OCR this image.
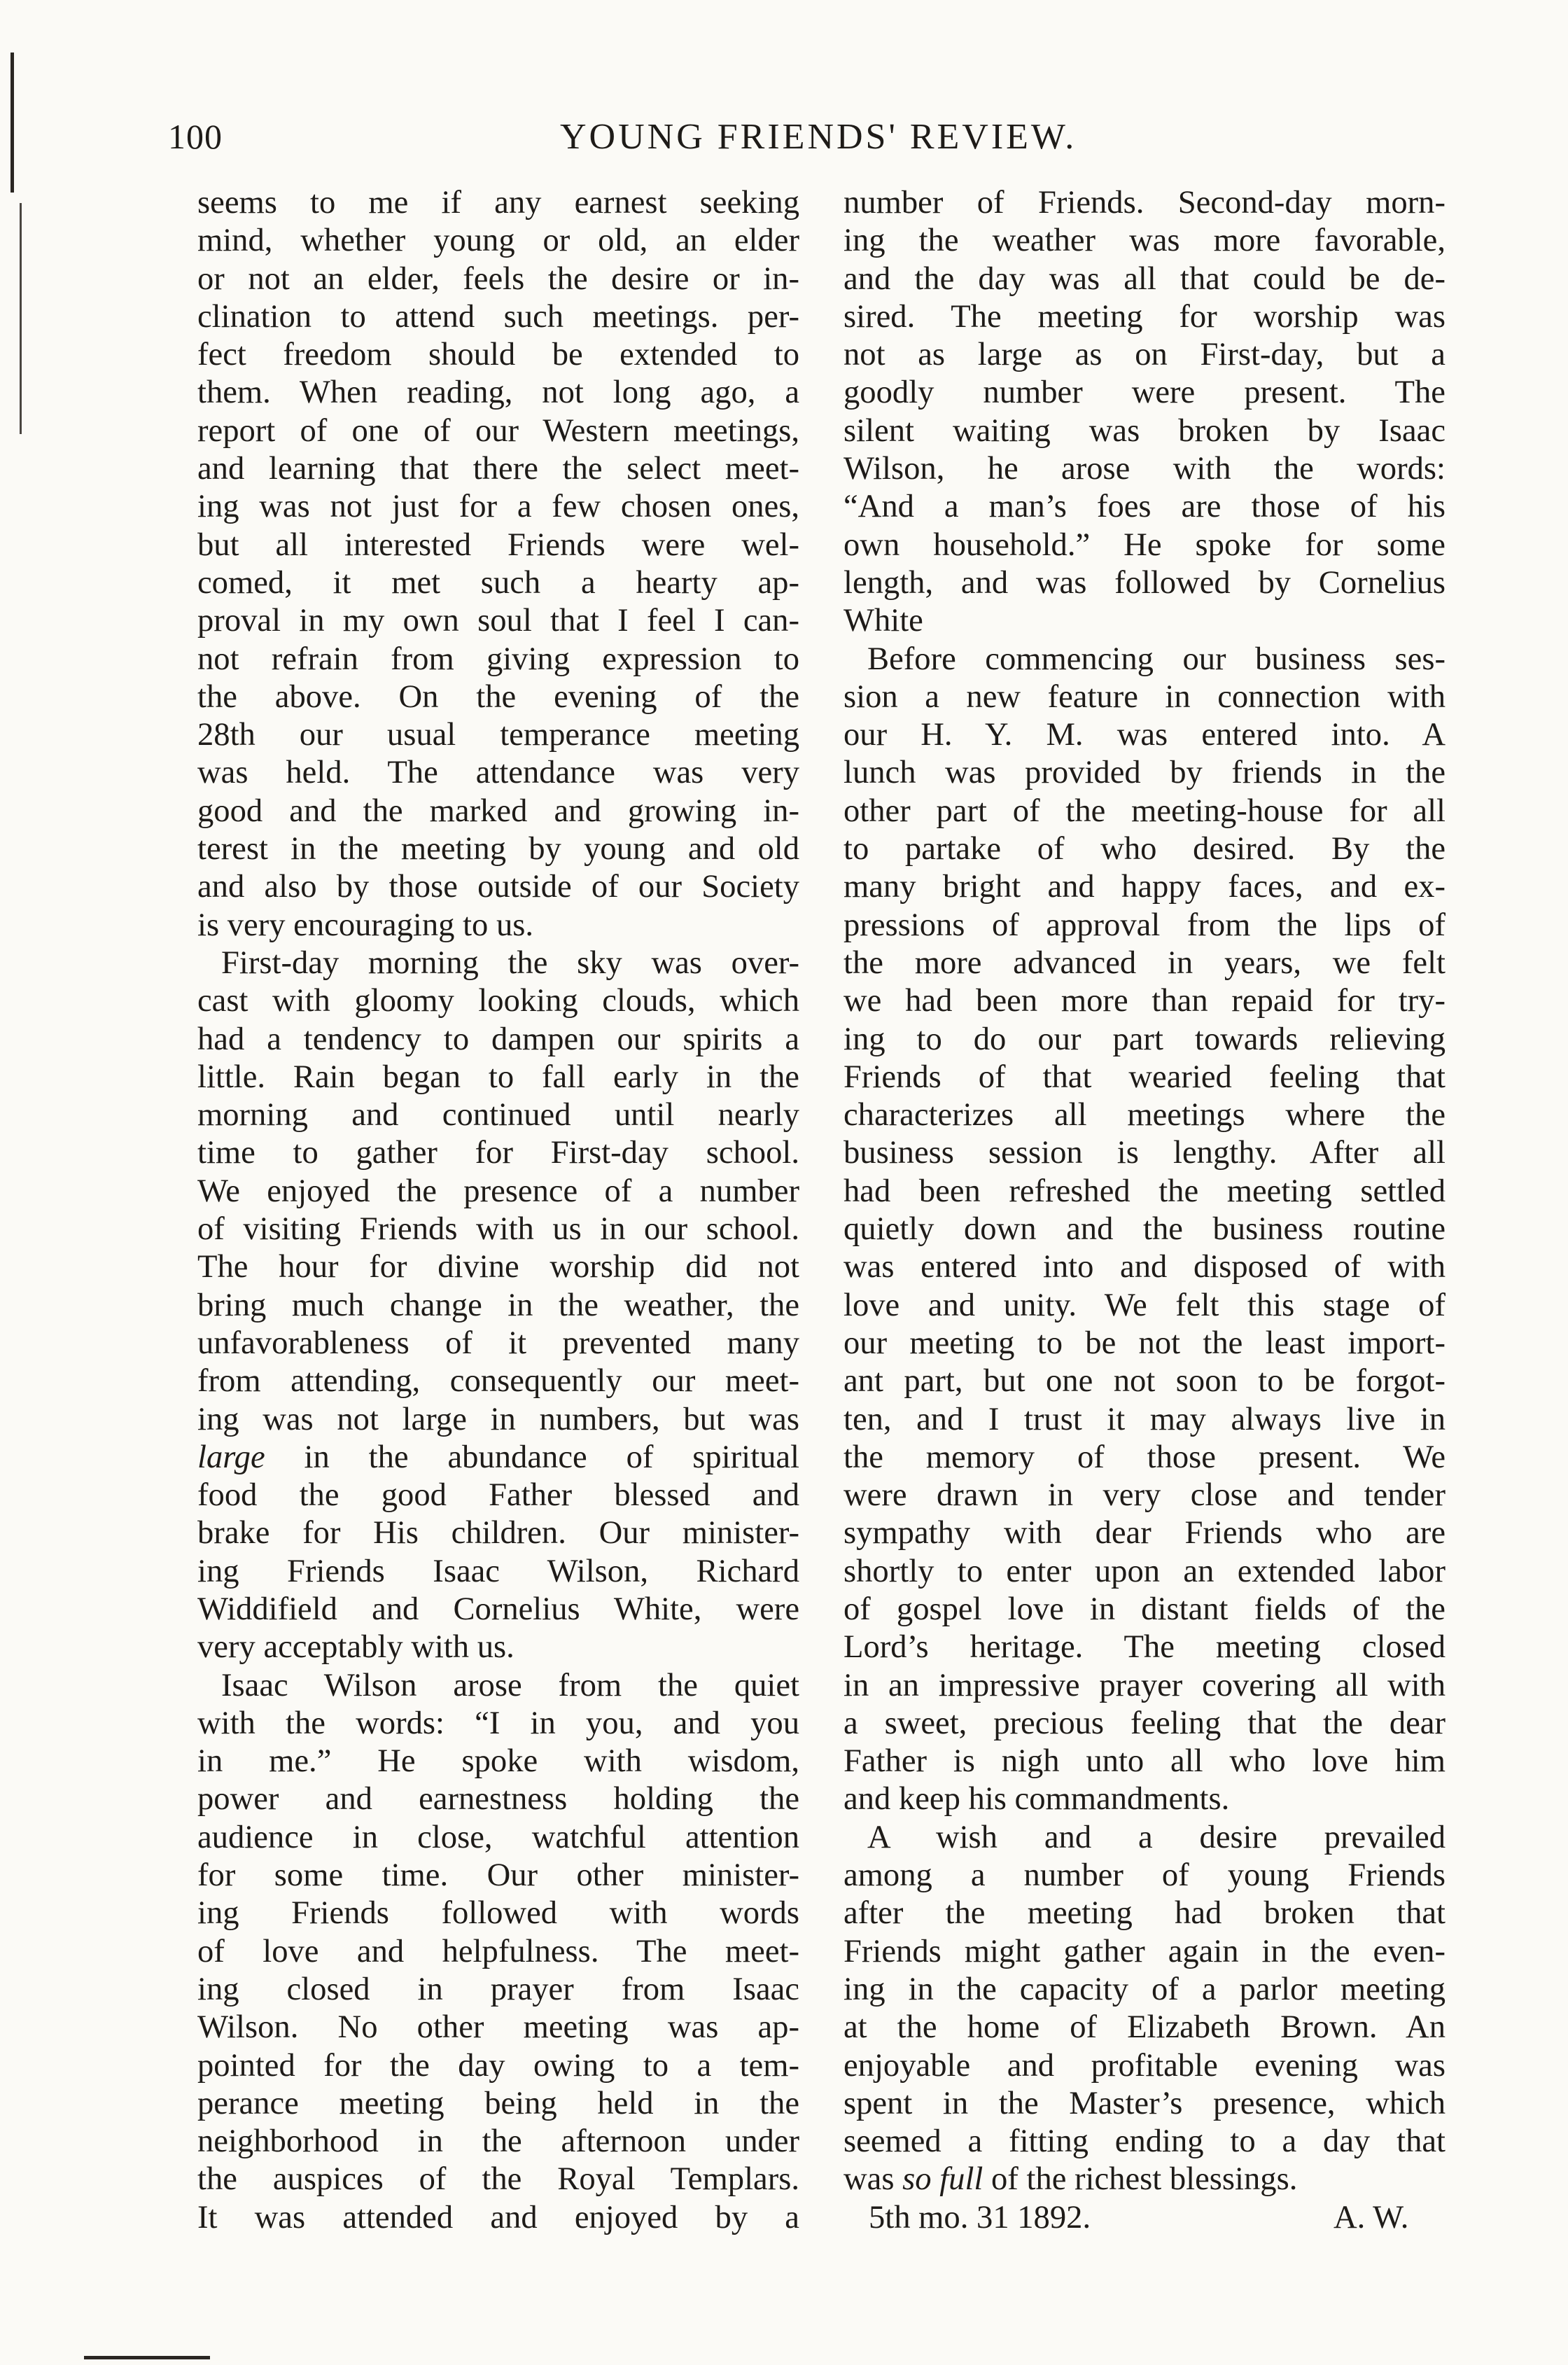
100	YOUNG FRIENDS' REVIEW.
seems to me if any earnest seeking
mind, whether young or old, an elder
or not an elder, feels the desire or in-
clination to attend such meetings. per-
fect freedom should be extended to
them. When reading, not long ago, a
report of one of our Western meetings,
and learning that there the select meet-
ing was not just for a few chosen ones,
but all interested Friends were wel-
comed, it met such a hearty ap-
proval in my own soul that I feel I can-
not refrain from giving expression to
the above. On the evening of the
28th our usual temperance meeting
was held. The attendance was very
good and the marked and growing in-
terest in the meeting by young and old
and also by those outside of our Society
is very encouraging to us.
First-day morning the sky was over-
cast with gloomy looking clouds, which
had a tendency to dampen our spirits a
little. Rain began to fall early in the
morning and continued until nearly
time to gather for First-day school.
We enjoyed the presence of a number
of visiting Friends with us in our school.
The hour for divine worship did not
bring much change in the weather, the
unfavorableness of it prevented many
from attending, consequently our meet-
ing was not large in numbers, but was
large in the abundance of spiritual
food the good Father blessed and
brake for His children. Our minister-
ing Friends Isaac Wilson, Richard
Widdifield and Cornelius White, were
very acceptably with us.
Isaac Wilson arose from the quiet
with the words: “I in you, and you
in me.” He spoke with wisdom,
power and earnestness holding the
audience in close, watchful attention
for some time. Our other minister-
ing Friends followed with words
of love and helpfulness. The meet-
ing closed in prayer from Isaac
Wilson. No other meeting was ap-
pointed for the day owing to a tem-
perance meeting being held in the
neighborhood in the afternoon under
the auspices of the Royal Templars.
It was attended and enjoyed by a
number of Friends. Second-day morn-
ing the weather was more favorable,
and the day was all that could be de-
sired. The meeting for worship was
not as large as on First-day, but a
goodly number were present. The
silent waiting was broken by Isaac
Wilson, he arose with the words:
“And a man’s foes are those of his
own household.” He spoke for some
length, and was followed by Cornelius
White
Before commencing our business ses-
sion a new feature in connection with
our H. Y. M. was entered into. A
lunch was provided by friends in the
other part of the meeting-house for all
to partake of who desired. By the
many bright and happy faces, and ex-
pressions of approval from the lips of
the more advanced in years, we felt
we had been more than repaid for try-
ing to do our part towards relieving
Friends of that wearied feeling that
characterizes all meetings where the
business session is lengthy. After all
had been refreshed the meeting settled
quietly down and the business routine
was entered into and disposed of with
love and unity. We felt this stage of
our meeting to be not the least import-
ant part, but one not soon to be forgot-
ten, and I trust it may always live in
the memory of those present. We
were drawn in very close and tender
sympathy with dear Friends who are
shortly to enter upon an extended labor
of gospel love in distant fields of the
Lord’s heritage. The meeting closed
in an impressive prayer covering all with
a sweet, precious feeling that the dear
Father is nigh unto all who love him
and keep his commandments.
A wish and a desire prevailed
among a number of young Friends
after the meeting had broken that
Friends might gather again in the even-
ing in the capacity of a parlor meeting
at the home of Elizabeth Brown. An
enjoyable and profitable evening was
spent in the Master’s presence, which
seemed a fitting ending to a day that
was so full of the richest blessings.
5th mo. 31 1892.	A. W.
